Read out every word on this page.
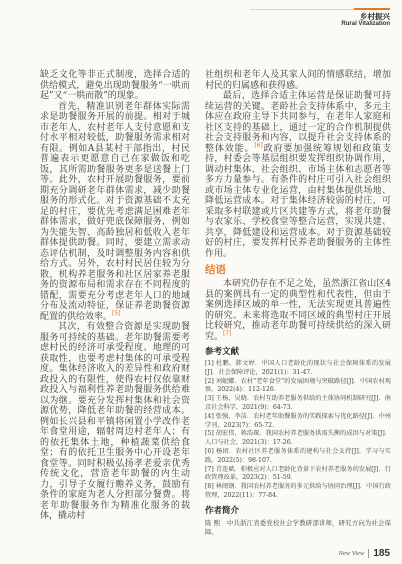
乡村振兴
Rural Vitalization

缺乏文化等非正式制度，选择合适的供给模式，避免出现助餐服务“一哄而起”又“一哄而散”的现象。

首先，精准识别老年群体实际需求是助餐服务开展的前提。相对于城市老年人，农村老年人支付意愿和支付水平相对较低，助餐服务需求相对有限。例如A县某村干部指出，村民普遍表示更愿意自己在家做饭和吃饭，其所需助餐服务更多是送餐上门等。此外，农村开展助餐服务，要前期充分调研老年群体需求，减少助餐服务的形式化。对于资源基础不太充足的村庄，要优先考虑满足困难老年群体需求，做好兜底保障服务，例如为失能失智、高龄独居和低收入老年群体提供助餐。同时，要建立需求动态评估机制，及时调整服务内容和供给方式。另外，农村村民居住较为分散，机构养老服务和社区居家养老服务的资源布局和需求存在不同程度的错配，需要充分考虑老年人口的地域分布及流动特征，保证养老助餐资源配置的供给效率。[5]

其次，有效整合资源是实现助餐服务可持续的基础。老年助餐需要考虑村民的经济可承受程度、地理的可获取性，也要考虑村集体的可承受程度。集体经济收入的差异性和政府财政投入的有限性，使得农村仅依靠财政投入与福利性养老助餐服务供给难以为继。要充分发挥村集体和社会资源优势，降低老年助餐的经营成本。例如长兴县和平镇将闲置小学改作老年食堂用途，辐射周边村老年人；有的依托集体土地，种植蔬菜供给食堂；有的依托卫生服务中心开设老年食堂等。同时积极弘扬孝老爱亲优秀传统文化，营造老年助餐的内生动力，引导子女履行赡养义务，鼓励有条件的家庭为老人分担部分餐费。将老年助餐服务作为精准化服务的载体，撬动村

社组织和老年人及其家人间的情感联结，增加村民的归属感和获得感。

最后，选择合适主体运营是保证助餐可持续运营的关键。老龄社会支持体系中，多元主体应在政府主导下共同参与，在老年人家庭和社区支持的基础上，通过一定的合作机制提供社会支持服务和内容，以提升社会支持体系的整体效能。[6]政府要加强统筹规划和政策支持，村委会等基层组织要发挥组织协调作用，调动村集体、社会组织、市场主体和志愿者等多方力量参与。有条件的村庄可引入社会组织或市场主体专业化运营，由村集体提供场地、降低运营成本。对于集体经济较弱的村庄，可采取多村联建或片区共建等方式，将老年助餐与农家乐、学校食堂等整合运营，实现共建、共享，降低建设和运营成本。对于资源基础较好的村庄，要发挥村民养老助餐服务的主体性作用。

结语

本研究仍存在不足之处，虽然浙江省山区4县的案例具有一定的典型性和代表性，但由于案例选择区域的单一性，无法实现更具普遍性的研究。未来将选取不同区域的典型村庄开展比较研究，推动老年助餐可持续供给的深入研究。[7]

参考文献
[1] 杜鹏，韩文婷．中国人口老龄化的现状与社会保障体系的发展[J]．社会保障评论，2021(1)：31-47．
[2] 刘妮娜．农村“老年食堂”的发展困境与突破路径[J]．中国农村观察，2022(4)：112-126．
[3] 王杨，吴晓．农村互助养老服务供给的主体协同机制研究[J]．南京社会科学，2021(9)：64-73．
[4] 张强，李洁．农村老年助餐服务的实践探索与优化路径[J]．中州学刊，2023(7)：65-72．
[5] 胡宏伟，蒋浩琛．我国农村养老服务供需失衡的成因与对策[J]．人口与社会，2021(3)：17-26．
[6] 杨团．农村社区养老服务体系的建构与社会支持[J]．学习与实践，2022(5)：98-107．
[7] 青连斌．积极应对人口老龄化背景下农村养老服务的发展[J]．行政管理改革，2023(2)：51-59．
[8] 林闽钢．我国农村养老服务的多元供给与协同治理[J]．中国行政管理，2022(11)：77-84．
作者简介
陈 熙　中共浙江省委党校社会学教研部讲师，研究方向为社会保障。
New View 185
